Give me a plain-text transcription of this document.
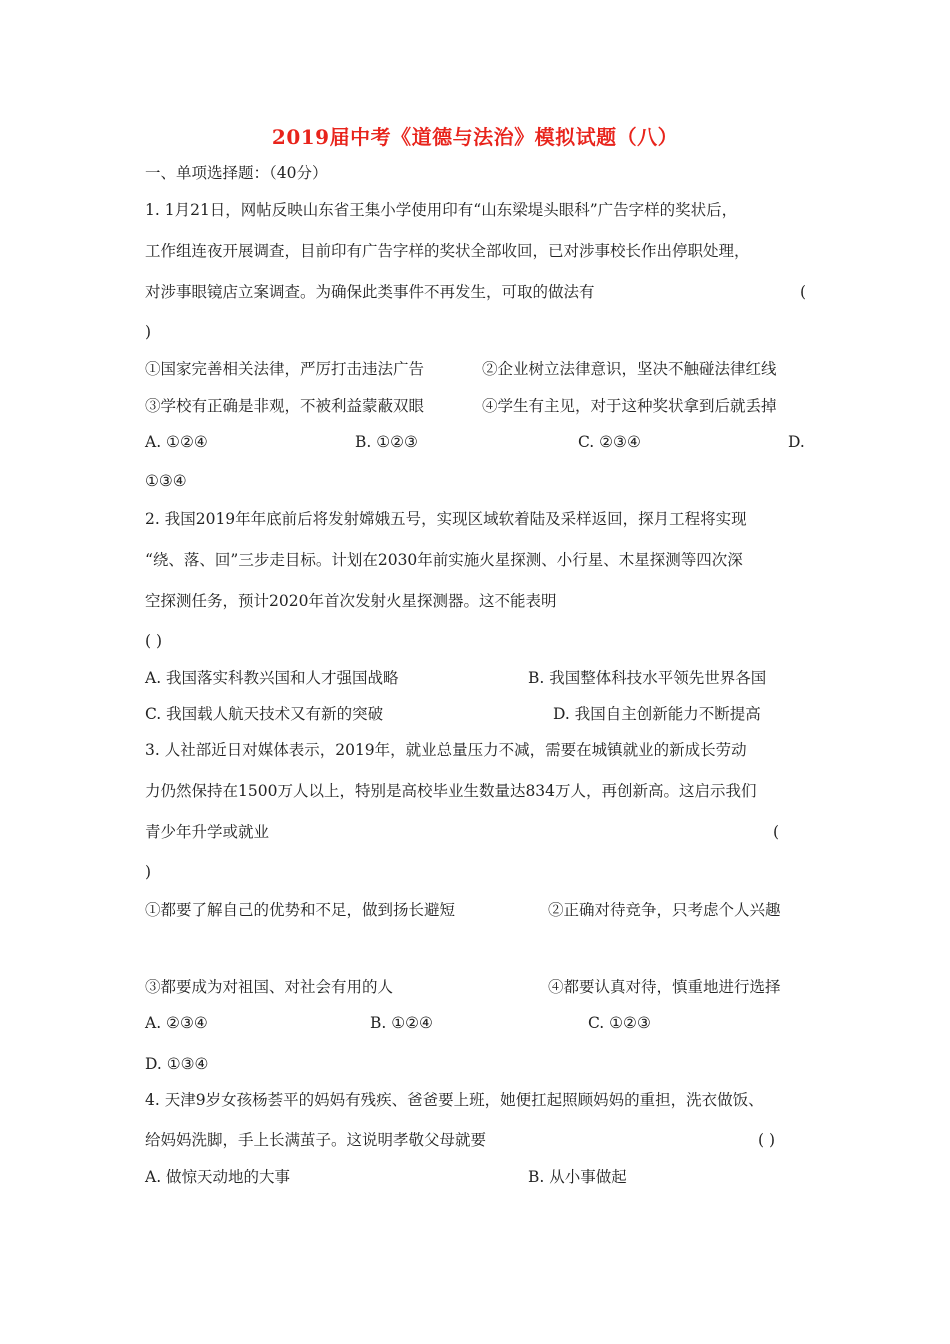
2019届中考《道德与法治》模拟试题（八）
一、单项选择题：（40分）
1. 1月21日，网帖反映山东省王集小学使用印有“山东梁堤头眼科”广告字样的奖状后，
工作组连夜开展调查，目前印有广告字样的奖状全部收回，已对涉事校长作出停职处理，
对涉事眼镜店立案调查。为确保此类事件不再发生，可取的做法有	(
)
①国家完善相关法律，严厉打击违法广告	②企业树立法律意识，坚决不触碰法律红线
③学校有正确是非观，不被利益蒙蔽双眼	④学生有主见，对于这种奖状拿到后就丢掉
A. ①②④	B. ①②③	C. ②③④	D.
①③④
2. 我国2019年年底前后将发射嫦娥五号，实现区域软着陆及采样返回，探月工程将实现
“绕、落、回”三步走目标。计划在2030年前实施火星探测、小行星、木星探测等四次深
空探测任务，预计2020年首次发射火星探测器。这不能表明
( )
A. 我国落实科教兴国和人才强国战略	B. 我国整体科技水平领先世界各国
C. 我国载人航天技术又有新的突破	D. 我国自主创新能力不断提高
3. 人社部近日对媒体表示，2019年，就业总量压力不减，需要在城镇就业的新成长劳动
力仍然保持在1500万人以上，特别是高校毕业生数量达834万人，再创新高。这启示我们
青少年升学或就业	(
)
①都要了解自己的优势和不足，做到扬长避短	②正确对待竞争，只考虑个人兴趣
③都要成为对祖国、对社会有用的人	④都要认真对待，慎重地进行选择
A. ②③④	B. ①②④	C. ①②③
D. ①③④
4. 天津9岁女孩杨荟平的妈妈有残疾、爸爸要上班，她便扛起照顾妈妈的重担，洗衣做饭、
给妈妈洗脚，手上长满茧子。这说明孝敬父母就要	( )
A. 做惊天动地的大事	B. 从小事做起
